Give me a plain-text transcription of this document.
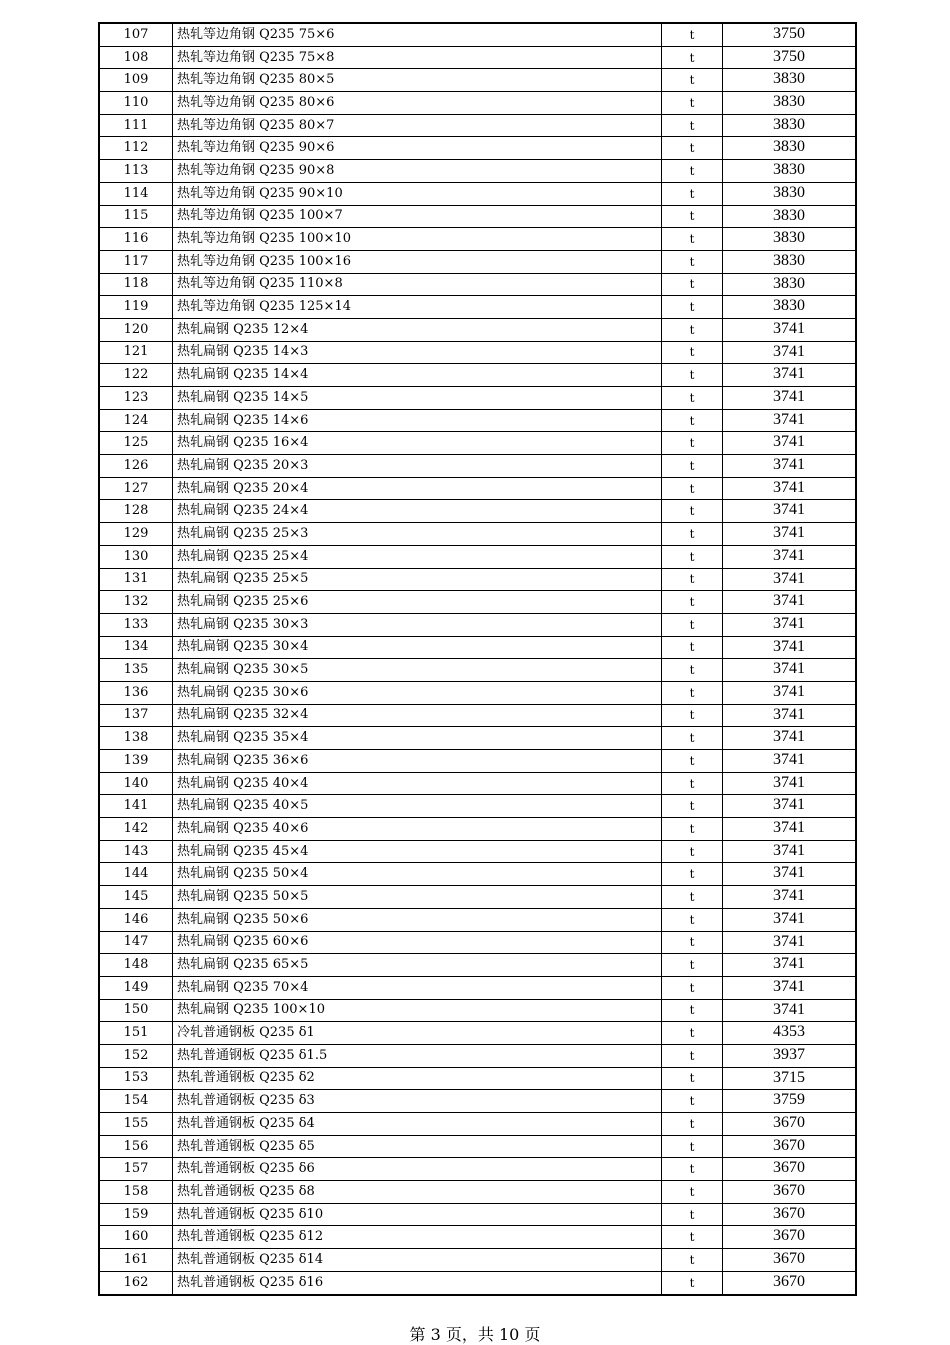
107	热轧等边角钢 Q235 75×6	t	3750
108	热轧等边角钢 Q235 75×8	t	3750
109	热轧等边角钢 Q235 80×5	t	3830
110	热轧等边角钢 Q235 80×6	t	3830
111	热轧等边角钢 Q235 80×7	t	3830
112	热轧等边角钢 Q235 90×6	t	3830
113	热轧等边角钢 Q235 90×8	t	3830
114	热轧等边角钢 Q235 90×10	t	3830
115	热轧等边角钢 Q235 100×7	t	3830
116	热轧等边角钢 Q235 100×10	t	3830
117	热轧等边角钢 Q235 100×16	t	3830
118	热轧等边角钢 Q235 110×8	t	3830
119	热轧等边角钢 Q235 125×14	t	3830
120	热轧扁钢 Q235 12×4	t	3741
121	热轧扁钢 Q235 14×3	t	3741
122	热轧扁钢 Q235 14×4	t	3741
123	热轧扁钢 Q235 14×5	t	3741
124	热轧扁钢 Q235 14×6	t	3741
125	热轧扁钢 Q235 16×4	t	3741
126	热轧扁钢 Q235 20×3	t	3741
127	热轧扁钢 Q235 20×4	t	3741
128	热轧扁钢 Q235 24×4	t	3741
129	热轧扁钢 Q235 25×3	t	3741
130	热轧扁钢 Q235 25×4	t	3741
131	热轧扁钢 Q235 25×5	t	3741
132	热轧扁钢 Q235 25×6	t	3741
133	热轧扁钢 Q235 30×3	t	3741
134	热轧扁钢 Q235 30×4	t	3741
135	热轧扁钢 Q235 30×5	t	3741
136	热轧扁钢 Q235 30×6	t	3741
137	热轧扁钢 Q235 32×4	t	3741
138	热轧扁钢 Q235 35×4	t	3741
139	热轧扁钢 Q235 36×6	t	3741
140	热轧扁钢 Q235 40×4	t	3741
141	热轧扁钢 Q235 40×5	t	3741
142	热轧扁钢 Q235 40×6	t	3741
143	热轧扁钢 Q235 45×4	t	3741
144	热轧扁钢 Q235 50×4	t	3741
145	热轧扁钢 Q235 50×5	t	3741
146	热轧扁钢 Q235 50×6	t	3741
147	热轧扁钢 Q235 60×6	t	3741
148	热轧扁钢 Q235 65×5	t	3741
149	热轧扁钢 Q235 70×4	t	3741
150	热轧扁钢 Q235 100×10	t	3741
151	冷轧普通钢板 Q235 δ1	t	4353
152	热轧普通钢板 Q235 δ1.5	t	3937
153	热轧普通钢板 Q235 δ2	t	3715
154	热轧普通钢板 Q235 δ3	t	3759
155	热轧普通钢板 Q235 δ4	t	3670
156	热轧普通钢板 Q235 δ5	t	3670
157	热轧普通钢板 Q235 δ6	t	3670
158	热轧普通钢板 Q235 δ8	t	3670
159	热轧普通钢板 Q235 δ10	t	3670
160	热轧普通钢板 Q235 δ12	t	3670
161	热轧普通钢板 Q235 δ14	t	3670
162	热轧普通钢板 Q235 δ16	t	3670
第 3 页，共 10 页
